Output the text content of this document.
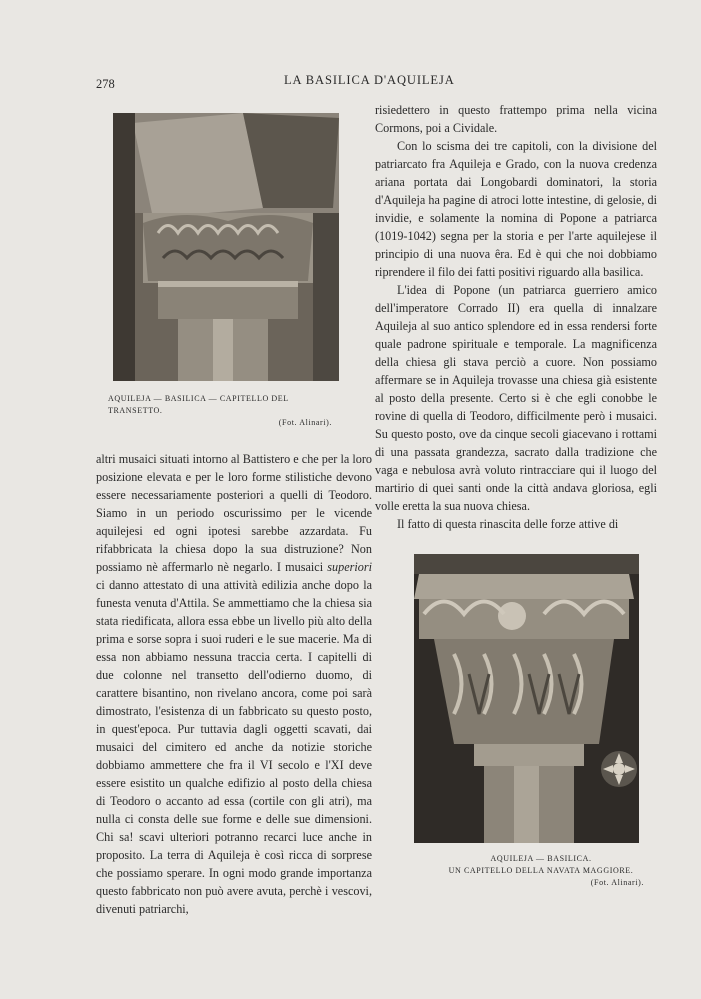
278	LA BASILICA D'AQUILEJA
AQUILEJA — BASILICA — CAPITELLO DEL TRANSETTO.
(Fot. Alinari).

altri musaici situati intorno al Battistero e che per la loro posizione elevata e per le loro forme stilistiche devono essere necessariamente posteriori a quelli di Teodoro. Siamo in un periodo oscurissimo per le vicende aquilejesi ed ogni ipotesi sarebbe azzardata. Fu rifabbricata la chiesa dopo la sua distruzione? Non possiamo nè affermarlo nè negarlo. I musaici superiori ci danno attestato di una attività edilizia anche dopo la funesta venuta d'Attila. Se ammettiamo che la chiesa sia stata riedificata, allora essa ebbe un livello più alto della prima e sorse sopra i suoi ruderi e le sue macerie. Ma di essa non abbiamo nessuna traccia certa. I capitelli di due colonne nel transetto dell'odierno duomo, di carattere bisantino, non rivelano ancora, come poi sarà dimostrato, l'esistenza di un fabbricato su questo posto, in quest'epoca. Pur tuttavia dagli oggetti scavati, dai musaici del cimitero ed anche da notizie storiche dobbiamo ammettere che fra il VI secolo e l'XI deve essere esistito un qualche edifizio al posto della chiesa di Teodoro o accanto ad essa (cortile con gli atri), ma nulla ci consta delle sue forme e delle sue dimensioni. Chi sa! scavi ulteriori potranno recarci luce anche in proposito. La terra di Aquileja è così ricca di sorprese che possiamo sperare. In ogni modo grande importanza questo fabbricato non può avere avuta, perchè i vescovi, divenuti patriarchi,

risiedettero in questo frattempo prima nella vicina Cormons, poi a Cividale.

Con lo scisma dei tre capitoli, con la divisione del patriarcato fra Aquileja e Grado, con la nuova credenza ariana portata dai Longobardi dominatori, la storia d'Aquileja ha pagine di atroci lotte intestine, di gelosie, di invidie, e solamente la nomina di Popone a patriarca (1019-1042) segna per la storia e per l'arte aquilejese il principio di una nuova êra. Ed è qui che noi dobbiamo riprendere il filo dei fatti positivi riguardo alla basilica.

L'idea di Popone (un patriarca guerriero amico dell'imperatore Corrado II) era quella di innalzare Aquileja al suo antico splendore ed in essa rendersi forte quale padrone spirituale e temporale. La magnificenza della chiesa gli stava perciò a cuore. Non possiamo affermare se in Aquileja trovasse una chiesa già esistente al posto della presente. Certo si è che egli conobbe le rovine di quella di Teodoro, difficilmente però i musaici. Su questo posto, ove da cinque secoli giacevano i rottami di una passata grandezza, sacrato dalla tradizione che vaga e nebulosa avrà voluto rintracciare qui il luogo del martirio di quei santi onde la città andava gloriosa, egli volle eretta la sua nuova chiesa.

Il fatto di questa rinascita delle forze attive di

AQUILEJA — BASILICA.
UN CAPITELLO DELLA NAVATA MAGGIORE.
(Fot. Alinari).
